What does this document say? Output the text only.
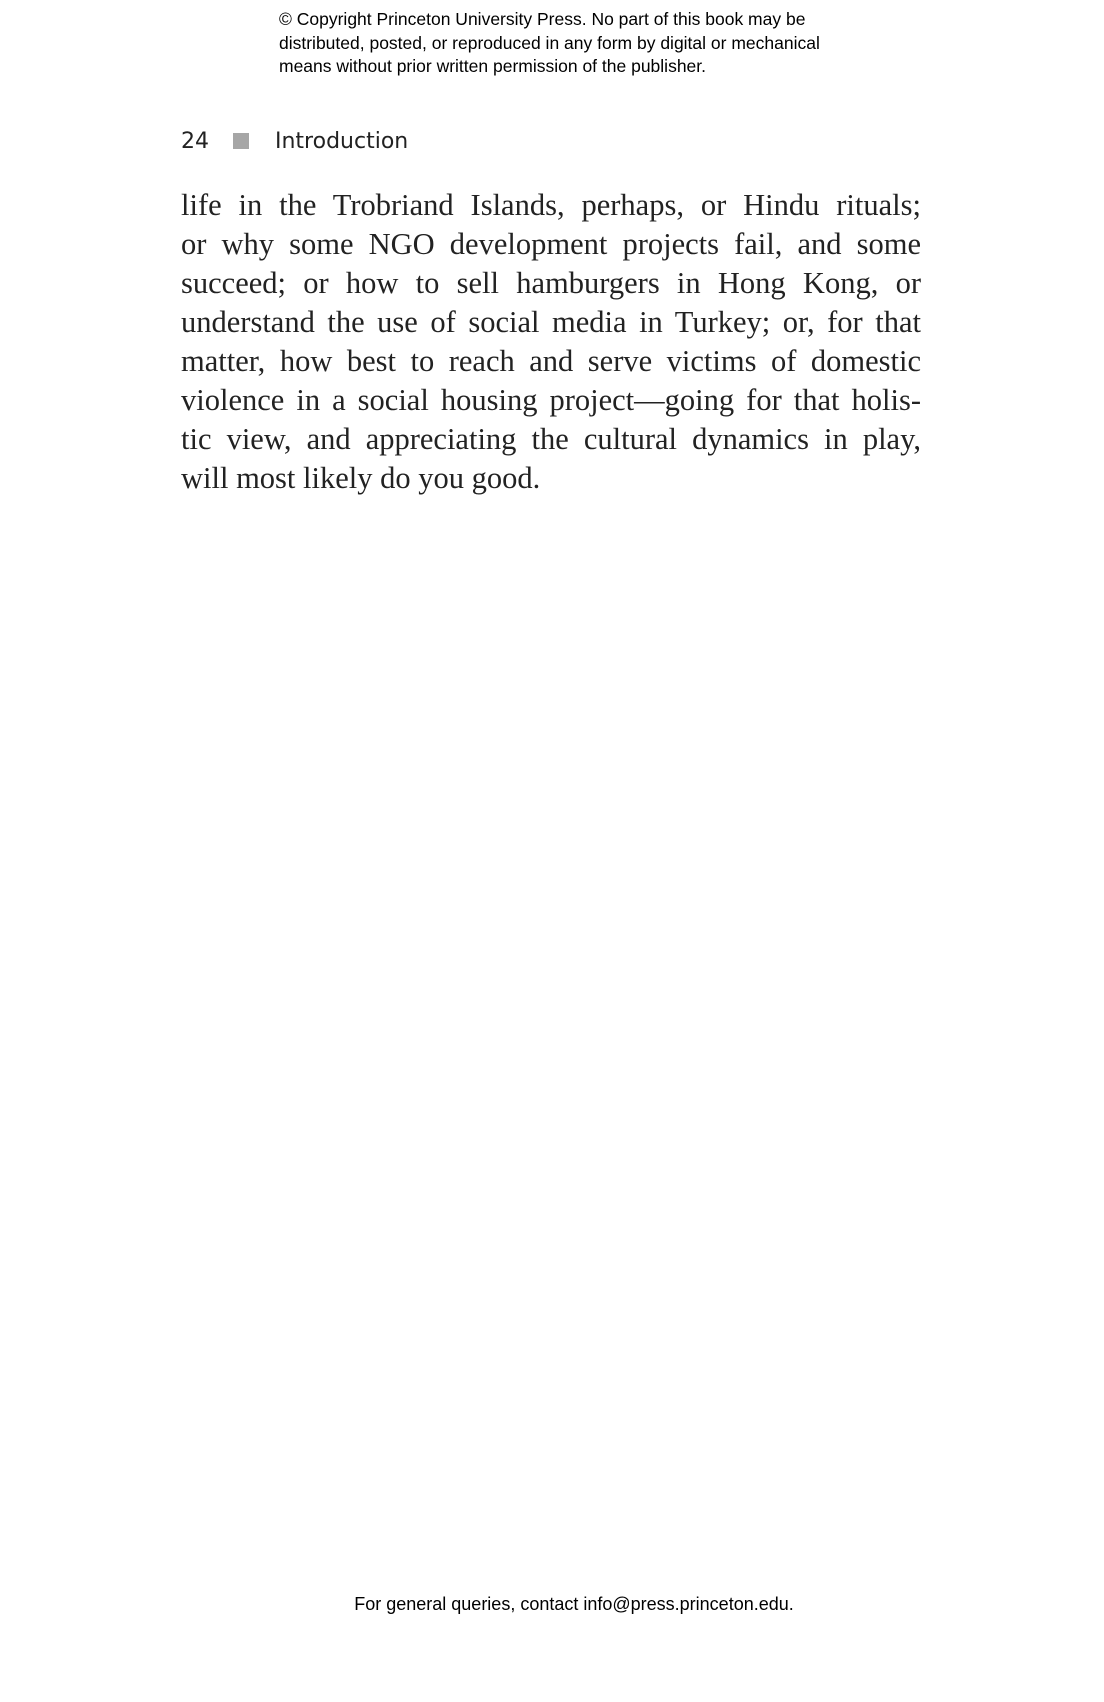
© Copyright Princeton University Press. No part of this book may be
distributed, posted, or reproduced in any form by digital or mechanical
means without prior written permission of the publisher.
24	Introduction
life in the Trobriand Islands, perhaps, or Hindu rituals;
or why some NGO development projects fail, and some
succeed; or how to sell hamburgers in Hong Kong, or
understand the use of social media in Turkey; or, for that
matter, how best to reach and serve victims of domestic
violence in a social housing project—going for that holis-
tic view, and appreciating the cultural dynamics in play,
will most likely do you good.
For general queries, contact info@press.princeton.edu.
